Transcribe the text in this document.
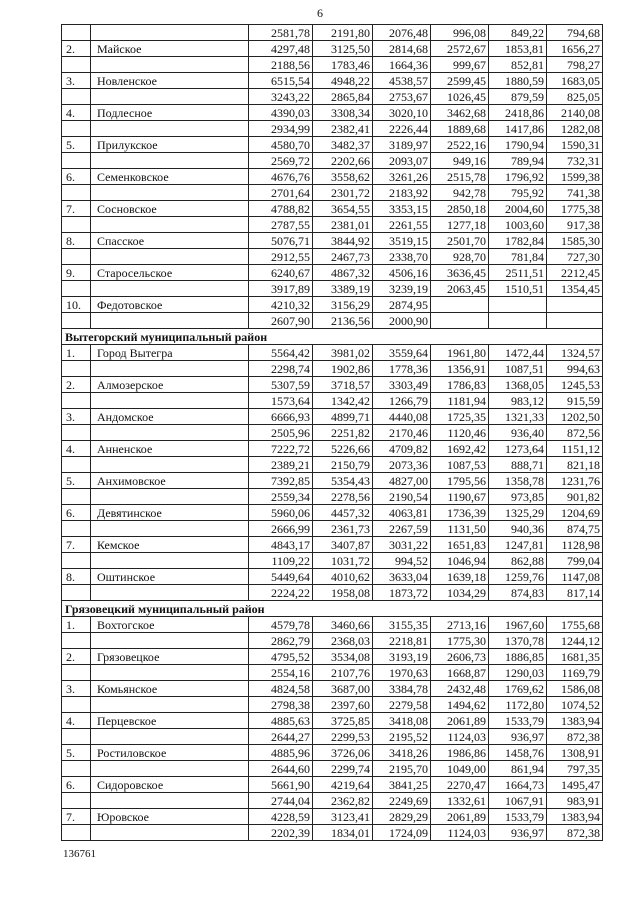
6
		2581,78	2191,80	2076,48	996,08	849,22	794,68
2.	Майское	4297,48	3125,50	2814,68	2572,67	1853,81	1656,27
		2188,56	1783,46	1664,36	999,67	852,81	798,27
3.	Новленское	6515,54	4948,22	4538,57	2599,45	1880,59	1683,05
		3243,22	2865,84	2753,67	1026,45	879,59	825,05
4.	Подлесное	4390,03	3308,34	3020,10	3462,68	2418,86	2140,08
		2934,99	2382,41	2226,44	1889,68	1417,86	1282,08
5.	Прилукское	4580,70	3482,37	3189,97	2522,16	1790,94	1590,31
		2569,72	2202,66	2093,07	949,16	789,94	732,31
6.	Семенковское	4676,76	3558,62	3261,26	2515,78	1796,92	1599,38
		2701,64	2301,72	2183,92	942,78	795,92	741,38
7.	Сосновское	4788,82	3654,55	3353,15	2850,18	2004,60	1775,38
		2787,55	2381,01	2261,55	1277,18	1003,60	917,38
8.	Спасское	5076,71	3844,92	3519,15	2501,70	1782,84	1585,30
		2912,55	2467,73	2338,70	928,70	781,84	727,30
9.	Старосельское	6240,67	4867,32	4506,16	3636,45	2511,51	2212,45
		3917,89	3389,19	3239,19	2063,45	1510,51	1354,45
10.	Федотовское	4210,32	3156,29	2874,95			
		2607,90	2136,56	2000,90			
Вытегорский муниципальный район							
1.	Город Вытегра	5564,42	3981,02	3559,64	1961,80	1472,44	1324,57
		2298,74	1902,86	1778,36	1356,91	1087,51	994,63
2.	Алмозерское	5307,59	3718,57	3303,49	1786,83	1368,05	1245,53
		1573,64	1342,42	1266,79	1181,94	983,12	915,59
3.	Андомское	6666,93	4899,71	4440,08	1725,35	1321,33	1202,50
		2505,96	2251,82	2170,46	1120,46	936,40	872,56
4.	Анненское	7222,72	5226,66	4709,82	1692,42	1273,64	1151,12
		2389,21	2150,79	2073,36	1087,53	888,71	821,18
5.	Анхимовское	7392,85	5354,43	4827,00	1795,56	1358,78	1231,76
		2559,34	2278,56	2190,54	1190,67	973,85	901,82
6.	Девятинское	5960,06	4457,32	4063,81	1736,39	1325,29	1204,69
		2666,99	2361,73	2267,59	1131,50	940,36	874,75
7.	Кемское	4843,17	3407,87	3031,22	1651,83	1247,81	1128,98
		1109,22	1031,72	994,52	1046,94	862,88	799,04
8.	Оштинское	5449,64	4010,62	3633,04	1639,18	1259,76	1147,08
		2224,22	1958,08	1873,72	1034,29	874,83	817,14
Грязовецкий муниципальный район							
1.	Вохтогское	4579,78	3460,66	3155,35	2713,16	1967,60	1755,68
		2862,79	2368,03	2218,81	1775,30	1370,78	1244,12
2.	Грязовецкое	4795,52	3534,08	3193,19	2606,73	1886,85	1681,35
		2554,16	2107,76	1970,63	1668,87	1290,03	1169,79
3.	Комьянское	4824,58	3687,00	3384,78	2432,48	1769,62	1586,08
		2798,38	2397,60	2279,58	1494,62	1172,80	1074,52
4.	Перцевское	4885,63	3725,85	3418,08	2061,89	1533,79	1383,94
		2644,27	2299,53	2195,52	1124,03	936,97	872,38
5.	Ростиловское	4885,96	3726,06	3418,26	1986,86	1458,76	1308,91
		2644,60	2299,74	2195,70	1049,00	861,94	797,35
6.	Сидоровское	5661,90	4219,64	3841,25	2270,47	1664,73	1495,47
		2744,04	2362,82	2249,69	1332,61	1067,91	983,91
7.	Юровское	4228,59	3123,41	2829,29	2061,89	1533,79	1383,94
		2202,39	1834,01	1724,09	1124,03	936,97	872,38
136761
